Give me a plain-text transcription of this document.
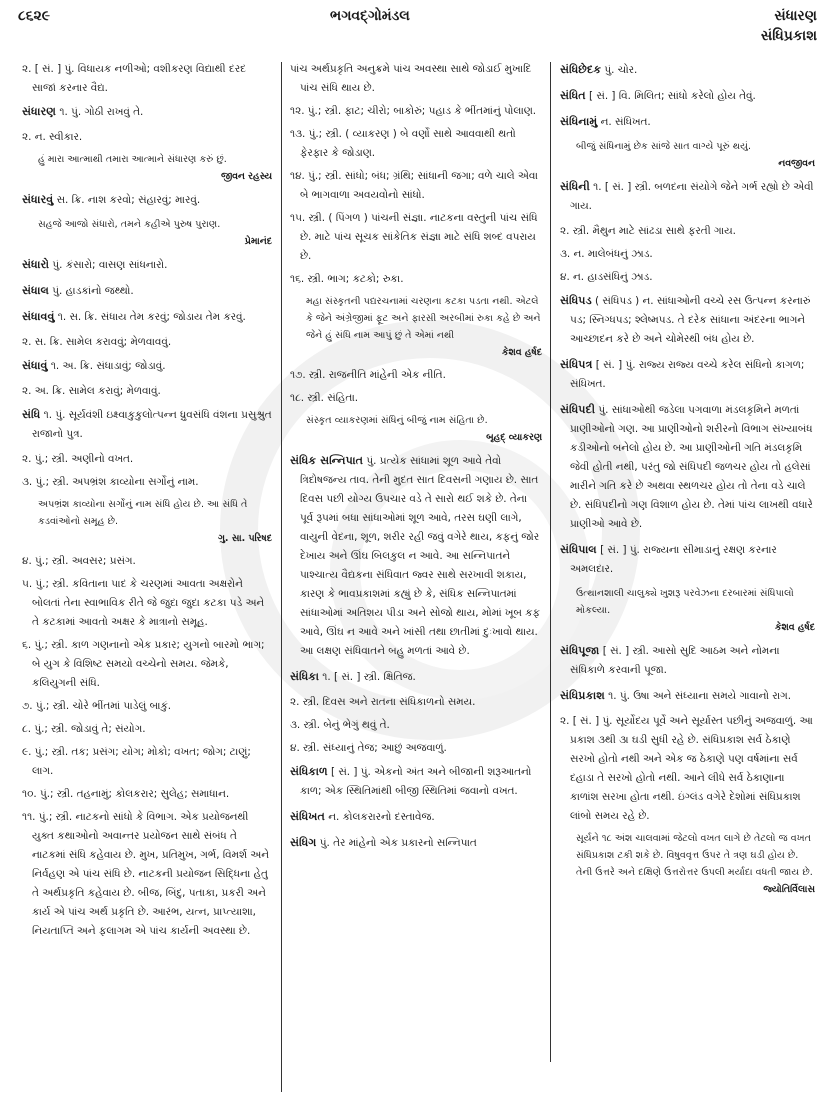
૮૬૨૯	ભગવદ્ગોમંડલ	સંધારણ
સંધિપ્રકાશ
૨. [ સં. ] પું. વિધાયક નળીઓ; વશીકરણ વિદ્યાથી દરદ સાજાં કરનાર વૈદ્ય.
સંધારણ ૧. પું. ગોઠી રાખવું તે.
૨. ન. સ્વીકાર.
હું મારા આત્માથી તમારા આત્માને સંધારણ કરું છું.
જીવન રહસ્ય
સંધારવું સ. ક્રિ. નાશ કરવો; સંહારવું; મારવું.
સહજે આજો સંધારો, તમને કહીએ પુરુષ પુરાણ.
પ્રેમાનંદ
સંધારો પું. કંસારો; વાસણ સાંધનારો.
સંધાલ પું. હાડકાંનો જથ્થો.
સંધાવવું ૧. સ. ક્રિ. સંધાય તેમ કરવું; જોડાય તેમ કરવું.
૨. સ. ક્રિ. સામેલ કરાવવું; મેળવાવવું.
સંધાવું ૧. અ. ક્રિ. સંધાડાવું; જોડાવું.
૨. અ. ક્રિ. સામેલ કરાવું; મેળવાવું.
સંધિ ૧. પું. સૂર્યવંશી ઇક્ષ્વાકુકુલોત્પન્ન ધ્રુવસંધિ વંશના પ્રસુશ્રુત રાજાનો પુત્ર.
૨. પું.; સ્ત્રી. અણીનો વખત.
૩. પું.; સ્ત્રી. અપભ્રંશ કાવ્યોના સર્ગોનું નામ.
અપભ્રંશ કાવ્યોના સર્ગોનું નામ સંધિ હોય છે. આ સંધિ તે કડવાંઓનો સમૂહ છે.
ગુ. સા. પરિષદ
૪. પું.; સ્ત્રી. અવસર; પ્રસંગ.
૫. પું.; સ્ત્રી. કવિતાના પાદ કે ચરણમાં આવતા અક્ષરોને બોલતાં તેના સ્વાભાવિક રીતે જે જુદા જુદા કટકા પડે અને તે કટકામાં આવતો અક્ષર કે માત્રાનો સમૂહ.
૬. પું.; સ્ત્રી. કાળ ગણનાનો એક પ્રકાર; યુગનો બારમો ભાગ; બે યુગ કે વિશિષ્ટ સમયો વચ્ચેનો સમય. જેમકે, કલિયુગની સંધિ.
૭. પું.; સ્ત્રી. ચોરે ભીંતમાં પાડેલું બાકું.
૮. પું.; સ્ત્રી. જોડાવું તે; સંયોગ.
૯. પું.; સ્ત્રી. તક; પ્રસંગ; યોગ; મોકો; વખત; જોગ; ટાણું; લાગ.
૧૦. પું.; સ્ત્રી. તહનામું; કોલકરાર; સુલેહ; સમાધાન.
૧૧. પું.; સ્ત્રી. નાટકનો સાંધો કે વિભાગ. એક પ્રયોજનથી યુક્ત કથાઓનો અવાન્તર પ્રયોજન સાથે સંબંધ તે નાટકમાં સંધિ કહેવાય છે. મુખ, પ્રતિમુખ, ગર્ભ, વિમર્શ અને નિર્વહણ એ પાંચ સંધિ છે. નાટકની પ્રયોજન સિદ્ધિના હેતુ તે અર્થપ્રકૃતિ કહેવાય છે. બીજ, બિંદુ, પતાકા, પ્રકરી અને કાર્ય એ પાંચ અર્થ પ્રકૃતિ છે. આરંભ, યત્ન, પ્રાપ્ત્યાશા, નિયતાપ્તિ અને ફલાગમ એ પાંચ કાર્યની અવસ્થા છે.
પાંચ અર્થપ્રકૃતિ અનુક્રમે પાંચ અવસ્થા સાથે જોડાઈ મુખાદિ પાંચ સંધિ થાય છે.
૧૨. પું.; સ્ત્રી. ફાટ; ચીરો; બાકોરું; પહાડ કે ભીંતમાંનું પોલાણ.
૧૩. પું.; સ્ત્રી. ( વ્યાકરણ ) બે વર્ણો સાથે આવવાથી થતો ફેરફાર કે જોડાણ.
૧૪. પું.; સ્ત્રી. સાંધો; બંધ; ગ્રંથિ; સાંધાની જગા; વળે ચાલે એવા બે ભાગવાળા અવયવોનો સાંધો.
૧૫. સ્ત્રી. ( પિંગળ ) પાંચની સંજ્ઞા. નાટકના વસ્તુની પાંચ સંધિ છે. માટે પાંચ સૂચક સાંકેતિક સંજ્ઞા માટે સંધિ શબ્દ વપરાય છે.
૧૬. સ્ત્રી. ભાગ; કટકો; રુકા.
મહા સંસ્કૃતની પદ્યરચનામાં ચરણના કટકા પડતા નથી. એટલે કે જેને અંગ્રેજીમાં ફૂટ અને ફારસી અરબીમાં રુકા કહે છે અને જેને હું સંધિ નામ આપું છું તે એમાં નથી
કેશવ હર્ષદ
૧૭. સ્ત્રી. રાજનીતિ માંહેની એક નીતિ.
૧૮. સ્ત્રી. સંહિતા.
સંસ્કૃત વ્યાકરણમાં સંધિનું બીજું નામ સંહિતા છે.
બૃહદ્ વ્યાકરણ
સંધિક સન્નિપાત પું. પ્રત્યેક સાંધામાં શૂળ આવે તેવો ત્રિદોષજન્ય તાવ. તેની મુદત સાત દિવસની ગણાય છે. સાત દિવસ પછી યોગ્ય ઉપચાર વડે તે સારો થઈ શકે છે. તેના પૂર્વ રૂપમાં બધા સાંધાઓમાં શૂળ આવે, તરસ ઘણી લાગે, વાયુની વેદના, શૂળ, શરીર રહી જવું વગેરે થાય, કફનું જોર દેખાય અને ઊંઘ બિલકુલ ન આવે. આ સન્નિપાતને પાશ્ચાત્ય વૈદ્યકના સંધિવાત જ્વર સાથે સરખાવી શકાય, કારણ કે ભાવપ્રકાશમાં કહ્યું છે કે, સંધિક સન્નિપાતમાં સાંધાઓમાં અતિશય પીડા અને સોજો થાય, મોમાં ખૂબ કફ આવે, ઊંઘ ન આવે અને ખાંસી તથા છાતીમાં દુઃખાવો થાય. આ લક્ષણ સંધિવાતને બહુ મળતાં આવે છે.
સંધિકા ૧. [ સં. ] સ્ત્રી. ક્ષિતિજ.
૨. સ્ત્રી. દિવસ અને રાતના સંધિકાળનો સમય.
૩. સ્ત્રી. બેનું ભેગું થવું તે.
૪. સ્ત્રી. સંધ્યાનું તેજ; આછું અજવાળું.
સંધિકાળ [ સં. ] પું. એકનો અંત અને બીજાની શરૂઆતનો કાળ; એક સ્થિતિમાંથી બીજી સ્થિતિમાં જવાનો વખત.
સંધિખત ન. કોલકરારનો દસ્તાવેજ.
સંધિગ પું. તેર માંહેનો એક પ્રકારનો સન્નિપાત
સંધિછેદક પું. ચોર.
સંધિત [ સં. ] વિ. મિલિત; સાંધો કરેલો હોય તેવું.
સંધિનામું ન. સંધિખત.
બીજું સંધિનામું છેક સાંજે સાત વાગ્યે પૂરું થયું.
નવજીવન
સંધિની ૧. [ સં. ] સ્ત્રી. બળદના સંયોગે જેને ગર્ભ રહ્યો છે એવી ગાય.
૨. સ્ત્રી. મૈથુન માટે સાંઢડા સાથે ફરતી ગાય.
૩. ન. માલેબંધનું ઝાડ.
૪. ન. હાડસંધિનું ઝાડ.
સંધિપડ ( સંધિપડ ) ન. સાંધાઓની વચ્ચે રસ ઉત્પન્ન કરનારું પડ; સ્નિગ્ધપડ; શ્લેષ્મપડ. તે દરેક સાંધાના અંદરના ભાગને આચ્છાદન કરે છે અને ચોમેરથી બંધ હોય છે.
સંધિપત્ર [ સં. ] પું. રાજ્ય રાજ્ય વચ્ચે કરેલ સંધિનો કાગળ; સંધિખત.
સંધિપદી પું. સાંધાઓથી જડેલા પગવાળા મંડલકૃમિને મળતાં પ્રાણીઓનો ગણ. આ પ્રાણીઓનો શરીરનો વિભાગ સંખ્યાબંધ કડીઓનો બનેલો હોય છે. આ પ્રાણીઓની ગતિ મંડલકૃમિ જેવી હોતી નથી, પરંતુ જો સંધિપદી જળચર હોય તો હલેસાં મારીને ગતિ કરે છે અથવા સ્થળચર હોય તો તેના વડે ચાલે છે. સંધિપદીનો ગણ વિશાળ હોય છે. તેમાં પાંચ લાખથી વધારે પ્રાણીઓ આવે છે.
સંધિપાલ [ સં. ] પું. રાજ્યના સીમાડાનું રક્ષણ કરનાર અમલદાર.
ઉત્થાનશાલી ચાલુક્યે ખુશરૂ પરવેઝના દરબારમાં સંધિપાલો મોકલ્યા.
કેશવ હર્ષદ
સંધિપૂજા [ સં. ] સ્ત્રી. આસો સુદિ આઠમ અને નોમના સંધિકાળે કરવાની પૂજા.
સંધિપ્રકાશ ૧. પું. ઉષા અને સંધ્યાના સમયે ગાવાનો રાગ.
૨. [ સં. ] પું. સૂર્યોદય પૂર્વે અને સૂર્યાસ્ત પછીનું અજવાળું. આ પ્રકાશ ૩થી ૩ા ઘડી સુધી રહે છે. સંધિપ્રકાશ સર્વ ઠેકાણે સરખો હોતો નથી અને એક જ ઠેકાણે પણ વર્ષમાંના સર્વ દહાડા તે સરખો હોતો નથી. આને લીધે સર્વ ઠેકાણાના કાળાંશ સરખા હોતા નથી. ઇંગ્લંડ વગેરે દેશોમાં સંધિપ્રકાશ લાંબો સમય રહે છે.
સૂર્યને ૧૮ અંશ ચાલવામાં જેટલો વખત લાગે છે તેટલો જ વખત સંધિપ્રકાશ ટકી શકે છે. વિષુવવૃત્ત ઉપર તે ત્રણ ઘડી હોય છે. તેની ઉત્તરે અને દક્ષિણે ઉત્તરોત્તર ઉપલી મર્યાદા વધતી જાય છે.
જ્યોતિર્વિલાસ
